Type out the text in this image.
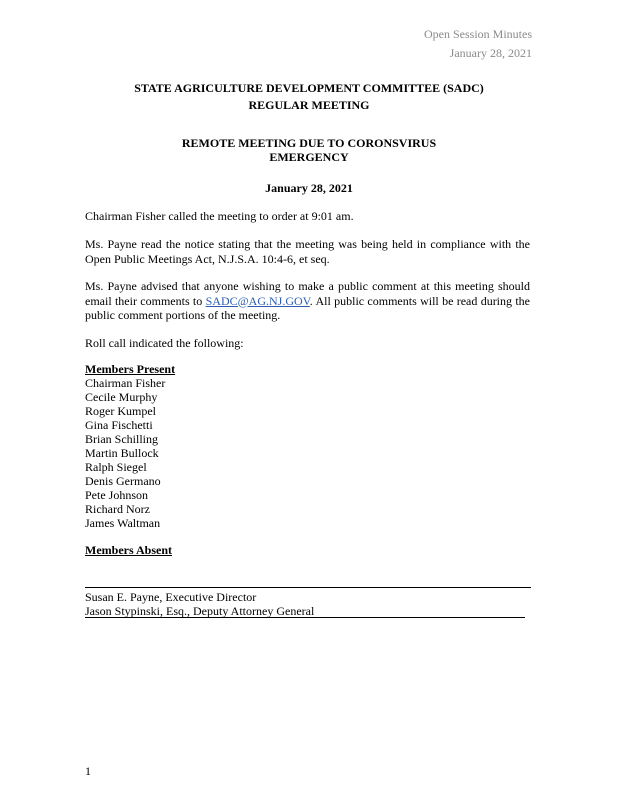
Open Session Minutes
January 28, 2021
STATE AGRICULTURE DEVELOPMENT COMMITTEE (SADC)
REGULAR MEETING
REMOTE MEETING DUE TO CORONSVIRUS
EMERGENCY
January 28, 2021
Chairman Fisher called the meeting to order at 9:01 am.
Ms. Payne read the notice stating that the meeting was being held in compliance with the Open Public Meetings Act, N.J.S.A. 10:4-6, et seq.
Ms. Payne advised that anyone wishing to make a public comment at this meeting should email their comments to SADC@AG.NJ.GOV. All public comments will be read during the public comment portions of the meeting.
Roll call indicated the following:
Members Present
Chairman Fisher
Cecile Murphy
Roger Kumpel
Gina Fischetti
Brian Schilling
Martin Bullock
Ralph Siegel
Denis Germano
Pete Johnson
Richard Norz
James Waltman
Members Absent
Susan E. Payne, Executive Director
Jason Stypinski, Esq., Deputy Attorney General
1
